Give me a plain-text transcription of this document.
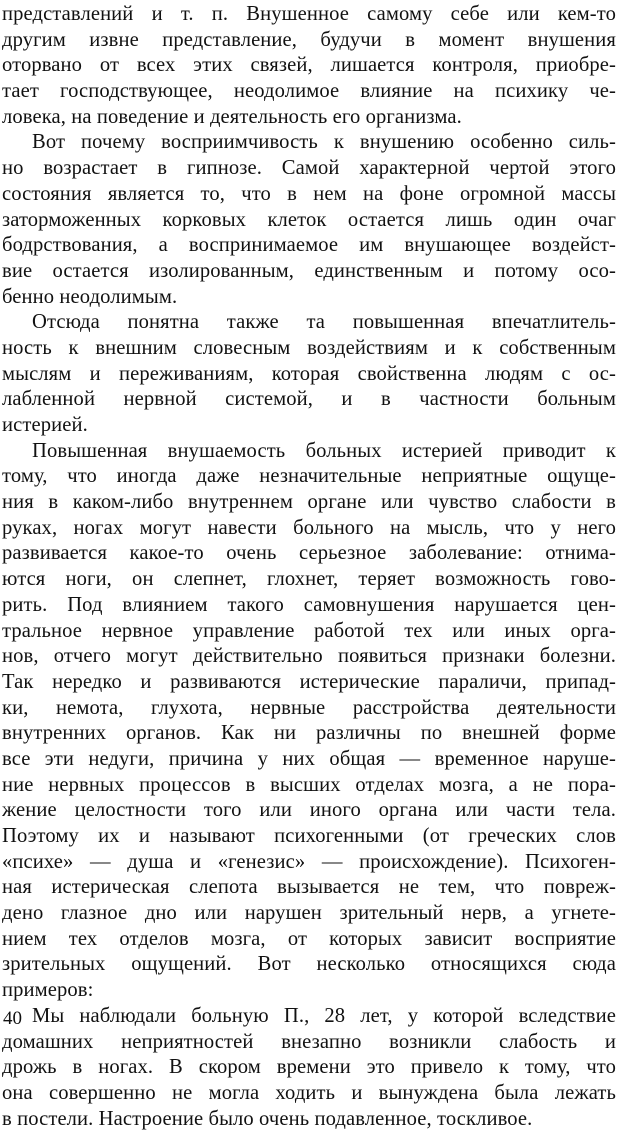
представлений и т. п. Внушенное самому себе или кем-то
другим извне представление, будучи в момент внушения
оторвано от всех этих связей, лишается контроля, приобре-
тает господствующее, неодолимое влияние на психику че-
ловека, на поведение и деятельность его организма.
Вот почему восприимчивость к внушению особенно силь-
но возрастает в гипнозе. Самой характерной чертой этого
состояния является то, что в нем на фоне огромной массы
заторможенных корковых клеток остается лишь один очаг
бодрствования, а воспринимаемое им внушающее воздейст-
вие остается изолированным, единственным и потому осо-
бенно неодолимым.
Отсюда понятна также та повышенная впечатлитель-
ность к внешним словесным воздействиям и к собственным
мыслям и переживаниям, которая свойственна людям с ос-
лабленной нервной системой, и в частности больным
истерией.
Повышенная внушаемость больных истерией приводит к
тому, что иногда даже незначительные неприятные ощуще-
ния в каком-либо внутреннем органе или чувство слабости в
руках, ногах могут навести больного на мысль, что у него
развивается какое-то очень серьезное заболевание: отнима-
ются ноги, он слепнет, глохнет, теряет возможность гово-
рить. Под влиянием такого самовнушения нарушается цен-
тральное нервное управление работой тех или иных орга-
нов, отчего могут действительно появиться признаки болезни.
Так нередко и развиваются истерические параличи, припад-
ки, немота, глухота, нервные расстройства деятельности
внутренних органов. Как ни различны по внешней форме
все эти недуги, причина у них общая — временное наруше-
ние нервных процессов в высших отделах мозга, а не пора-
жение целостности того или иного органа или части тела.
Поэтому их и называют психогенными (от греческих слов
«психе» — душа и «генезис» — происхождение). Психоген-
ная истерическая слепота вызывается не тем, что повреж-
дено глазное дно или нарушен зрительный нерв, а угнете-
нием тех отделов мозга, от которых зависит восприятие
зрительных ощущений. Вот несколько относящихся сюда
примеров:
Мы наблюдали больную П., 28 лет, у которой вследствие
домашних неприятностей внезапно возникли слабость и
дрожь в ногах. В скором времени это привело к тому, что
она совершенно не могла ходить и вынуждена была лежать
в постели. Настроение было очень подавленное, тоскливое.
40
